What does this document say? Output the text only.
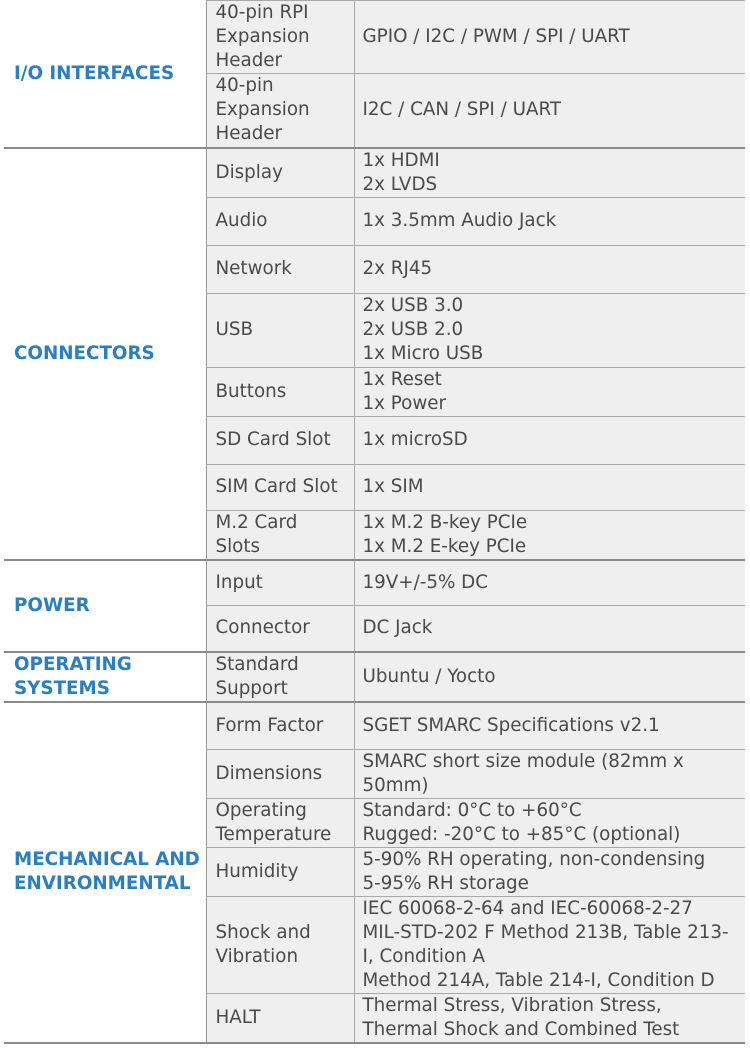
I/O INTERFACES	40-pin RPI
Expansion
Header	GPIO / I2C / PWM / SPI / UART
	40-pin
Expansion
Header	I2C / CAN / SPI / UART
CONNECTORS	Display	1x HDMI
2x LVDS
	Audio	1x 3.5mm Audio Jack
	Network	2x RJ45
	USB	2x USB 3.0
2x USB 2.0
1x Micro USB
	Buttons	1x Reset
1x Power
	SD Card Slot	1x microSD
	SIM Card Slot	1x SIM
	M.2 Card
Slots	1x M.2 B-key PCIe
1x M.2 E-key PCIe
POWER	Input	19V+/-5% DC
	Connector	DC Jack
OPERATING
SYSTEMS	Standard
Support	Ubuntu / Yocto
MECHANICAL AND
ENVIRONMENTAL	Form Factor	SGET SMARC Specifications v2.1
	Dimensions	SMARC short size module (82mm x
50mm)
	Operating
Temperature	Standard: 0°C to +60°C
Rugged: -20°C to +85°C (optional)
	Humidity	5-90% RH operating, non-condensing
5-95% RH storage
	Shock and
Vibration	IEC 60068-2-64 and IEC-60068-2-27
MIL-STD-202 F Method 213B, Table 213-
I, Condition A
Method 214A, Table 214-I, Condition D
	HALT	Thermal Stress, Vibration Stress,
Thermal Shock and Combined Test
